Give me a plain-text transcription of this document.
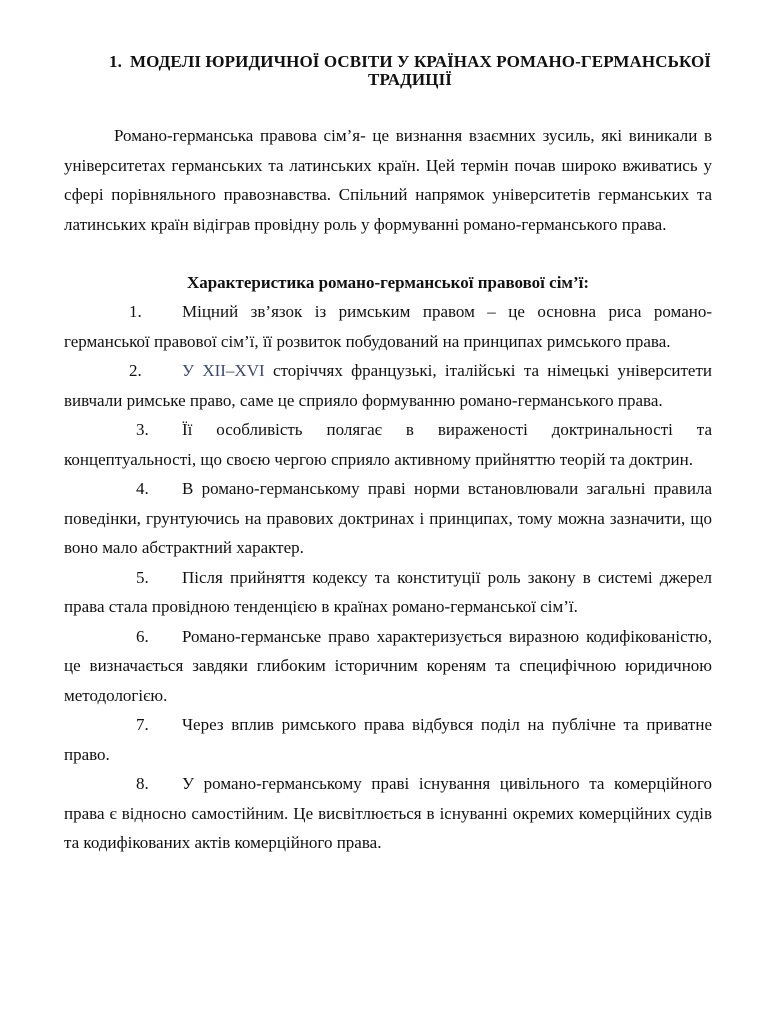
1. МОДЕЛІ ЮРИДИЧНОЇ ОСВІТИ У КРАЇНАХ РОМАНО-ГЕРМАНСЬКОЇ ТРАДИЦІЇ

Романо-германська правова сім’я- це визнання взаємних зусиль, які виникали в університетах германських та латинських країн. Цей термін почав широко вживатись у сфері порівняльного правознавства. Спільний напрямок університетів германських та латинських країн відіграв провідну роль у формуванні романо-германського права.

Характеристика романо-германської правової сім’ї:

1. Міцний зв’язок із римським правом – це основна риса романо-германської правової сім’ї, її розвиток побудований на принципах римського права.
2. У XII–XVI сторіччях французькі, італійські та німецькі університети вивчали римське право, саме це сприяло формуванню романо-германського права.
3. Її особливість полягає в вираженості доктринальності та концептуальності, що своєю чергою сприяло активному прийняттю теорій та доктрин.
4. В романо-германському праві норми встановлювали загальні правила поведінки, грунтуючись на правових доктринах і принципах, тому можна зазначити, що воно мало абстрактний характер.
5. Після прийняття кодексу та конституції роль закону в системі джерел права стала провідною тенденцією в країнах романо-германської сім’ї.
6. Романо-германське право характеризується виразною кодифікованістю, це визначається завдяки глибоким історичним кореням та специфічною юридичною методологією.
7. Через вплив римського права відбувся поділ на публічне та приватне право.
8. У романо-германському праві існування цивільного та комерційного права є відносно самостійним. Це висвітлюється в існуванні окремих комерційних судів та кодифікованих актів комерційного права.
